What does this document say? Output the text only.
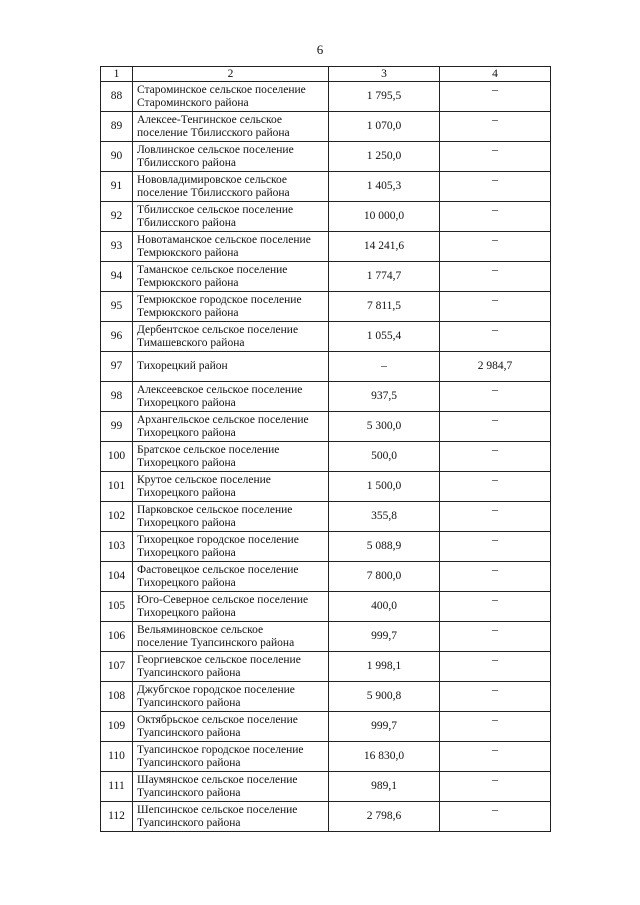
6
1	2	3	4
88	Староминское сельское поселение
Староминского района	1 795,5	–
89	Алексее-Тенгинское сельское
поселение Тбилисского района	1 070,0	–
90	Ловлинское сельское поселение
Тбилисского района	1 250,0	–
91	Нововладимировское сельское
поселение Тбилисского района	1 405,3	–
92	Тбилисское сельское поселение
Тбилисского района	10 000,0	–
93	Новотаманское сельское поселение
Темрюкского района	14 241,6	–
94	Таманское сельское поселение
Темрюкского района	1 774,7	–
95	Темрюкское городское поселение
Темрюкского района	7 811,5	–
96	Дербентское сельское поселение
Тимашевского района	1 055,4	–
97	Тихорецкий район	–	2 984,7
98	Алексеевское сельское поселение
Тихорецкого района	937,5	–
99	Архангельское сельское поселение
Тихорецкого района	5 300,0	–
100	Братское сельское поселение
Тихорецкого района	500,0	–
101	Крутое сельское поселение
Тихорецкого района	1 500,0	–
102	Парковское сельское поселение
Тихорецкого района	355,8	–
103	Тихорецкое городское поселение
Тихорецкого района	5 088,9	–
104	Фастовецкое сельское поселение
Тихорецкого района	7 800,0	–
105	Юго-Северное сельское поселение
Тихорецкого района	400,0	–
106	Вельяминовское сельское
поселение Туапсинского района	999,7	–
107	Георгиевское сельское поселение
Туапсинского района	1 998,1	–
108	Джубгское городское поселение
Туапсинского района	5 900,8	–
109	Октябрьское сельское поселение
Туапсинского района	999,7	–
110	Туапсинское городское поселение
Туапсинского района	16 830,0	–
111	Шаумянское сельское поселение
Туапсинского района	989,1	–
112	Шепсинское сельское поселение
Туапсинского района	2 798,6	–
